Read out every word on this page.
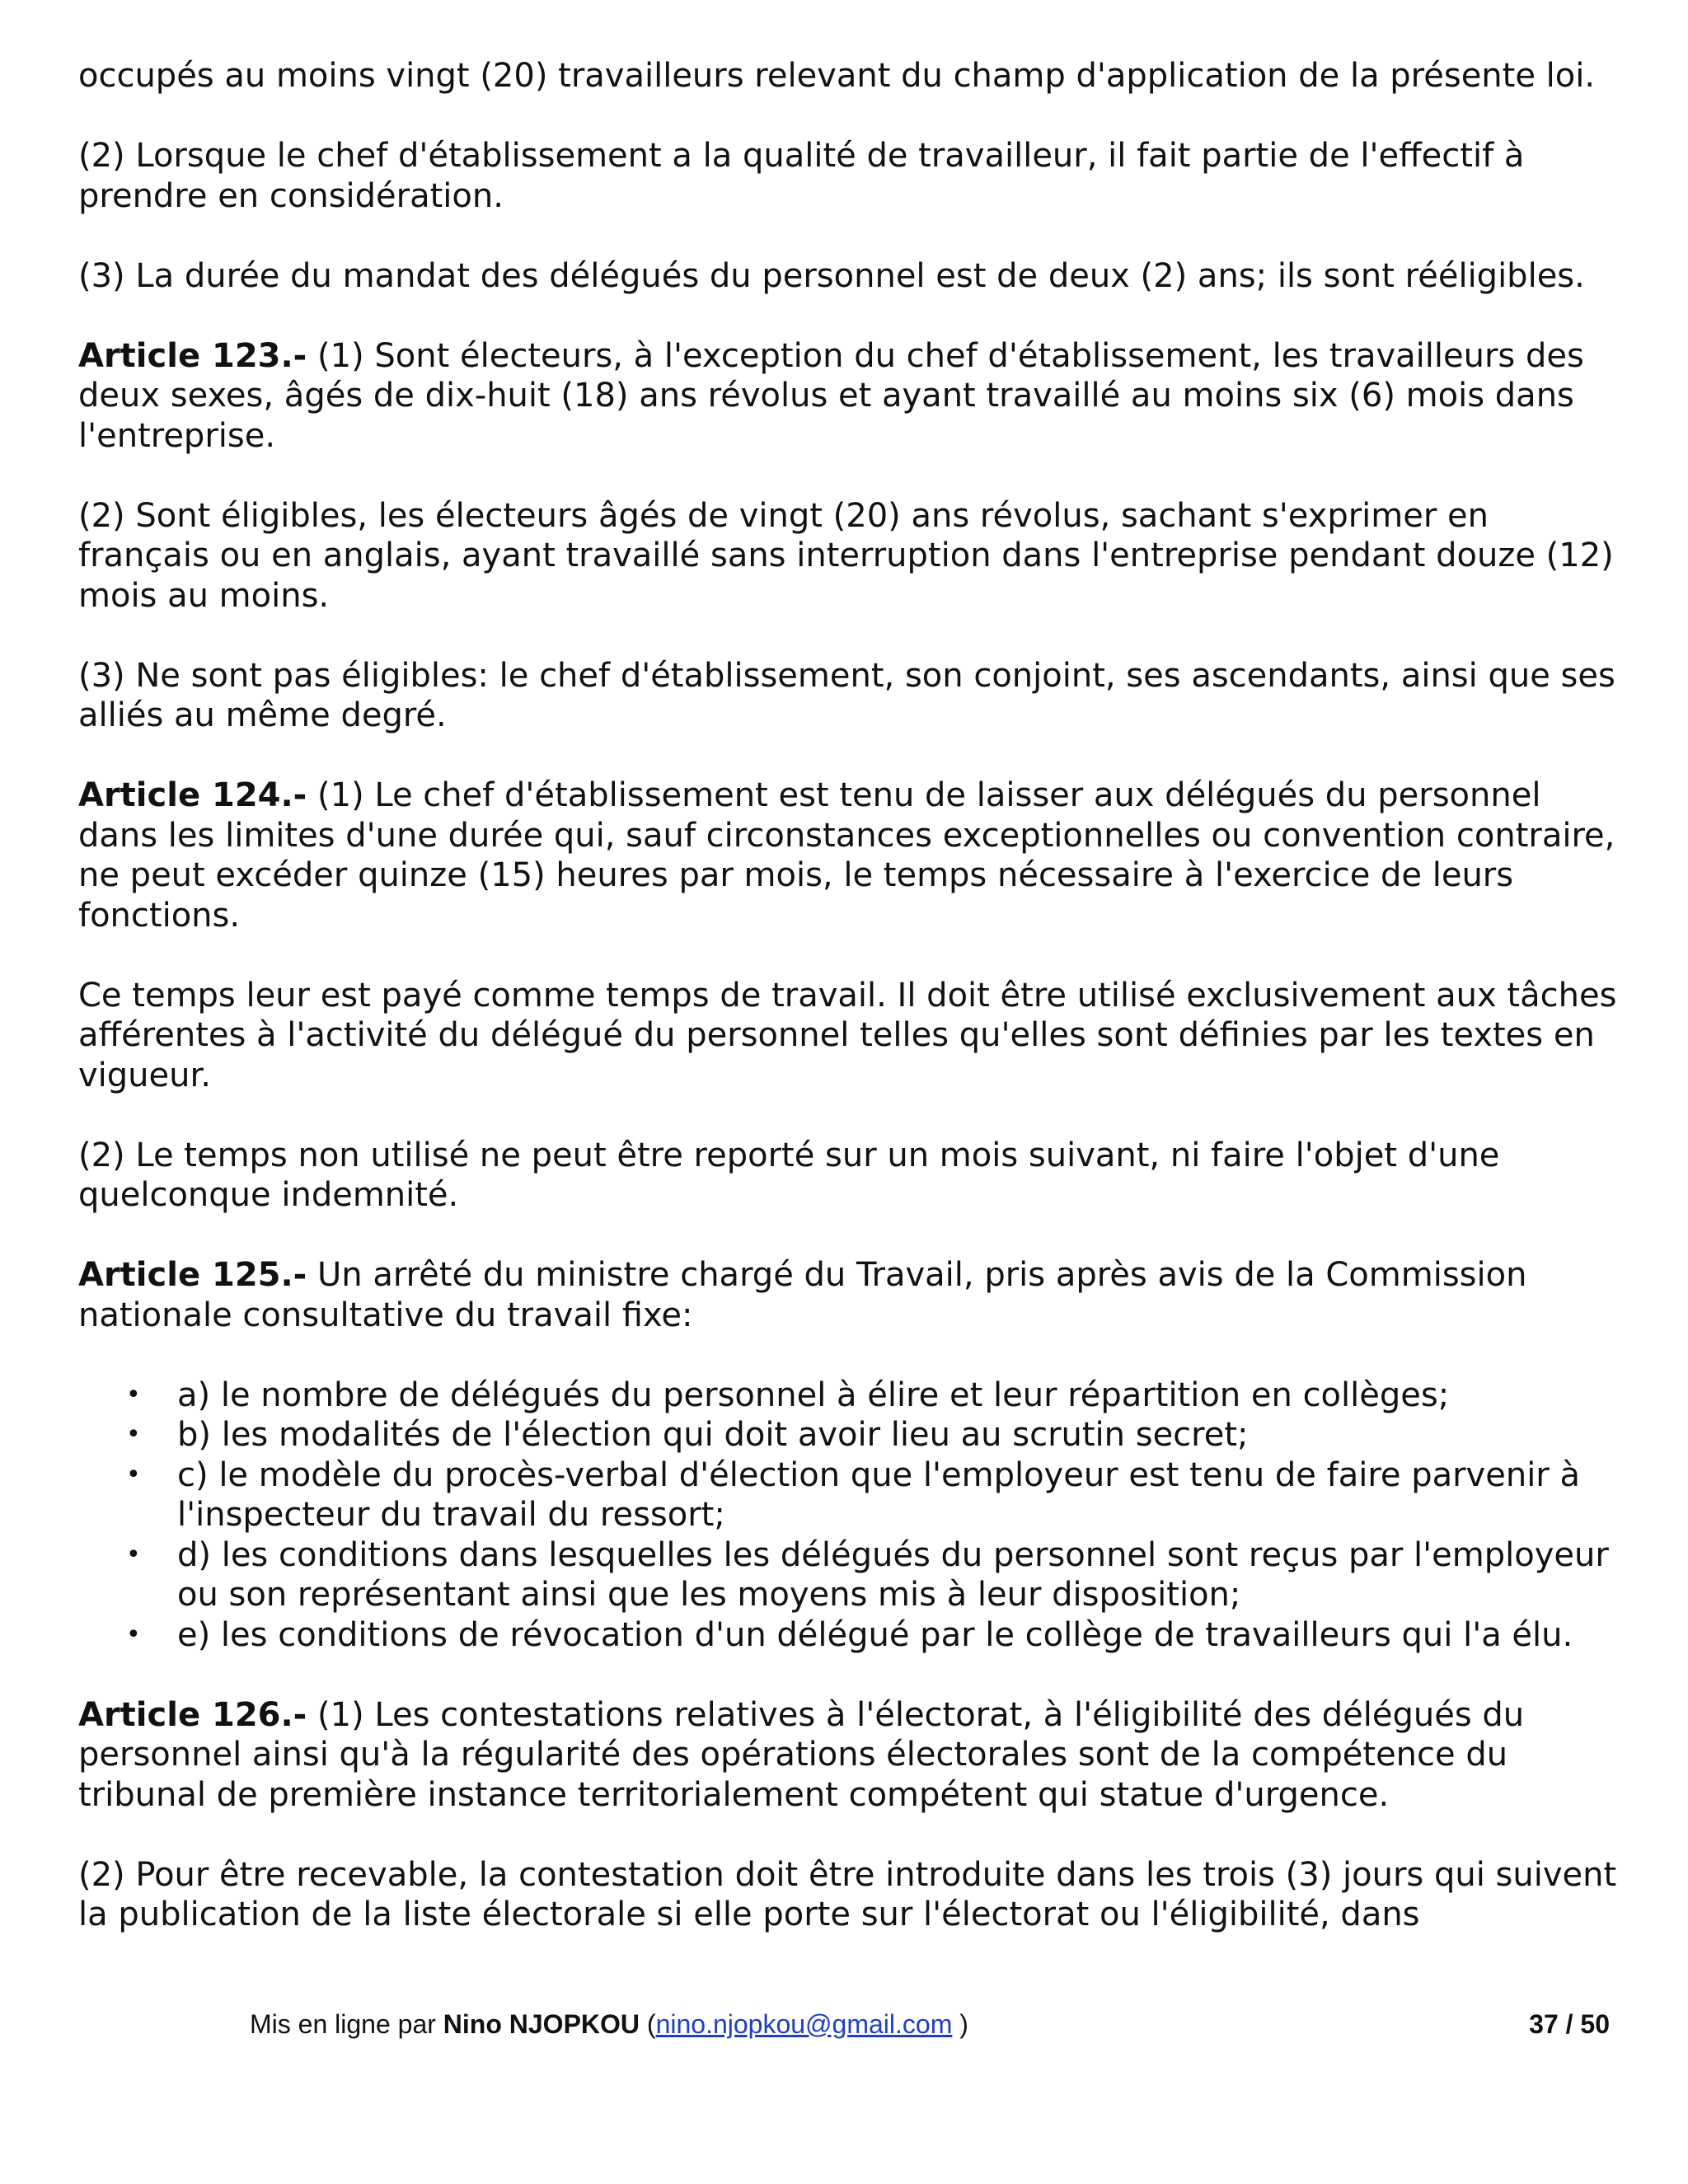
occupés au moins vingt (20) travailleurs relevant du champ d'application de la présente loi.

(2) Lorsque le chef d'établissement a la qualité de travailleur, il fait partie de l'effectif à prendre en considération.

(3) La durée du mandat des délégués du personnel est de deux (2) ans; ils sont rééligibles.

Article 123.- (1) Sont électeurs, à l'exception du chef d'établissement, les travailleurs des deux sexes, âgés de dix-huit (18) ans révolus et ayant travaillé au moins six (6) mois dans l'entreprise.

(2) Sont éligibles, les électeurs âgés de vingt (20) ans révolus, sachant s'exprimer en français ou en anglais, ayant travaillé sans interruption dans l'entreprise pendant douze (12) mois au moins.

(3) Ne sont pas éligibles: le chef d'établissement, son conjoint, ses ascendants, ainsi que ses alliés au même degré.

Article 124.- (1) Le chef d'établissement est tenu de laisser aux délégués du personnel dans les limites d'une durée qui, sauf circonstances exceptionnelles ou convention contraire, ne peut excéder quinze (15) heures par mois, le temps nécessaire à l'exercice de leurs fonctions.

Ce temps leur est payé comme temps de travail. Il doit être utilisé exclusivement aux tâches afférentes à l'activité du délégué du personnel telles qu'elles sont définies par les textes en vigueur.

(2) Le temps non utilisé ne peut être reporté sur un mois suivant, ni faire l'objet d'une quelconque indemnité.

Article 125.- Un arrêté du ministre chargé du Travail, pris après avis de la Commission nationale consultative du travail fixe:

• a) le nombre de délégués du personnel à élire et leur répartition en collèges;
• b) les modalités de l'élection qui doit avoir lieu au scrutin secret;
• c) le modèle du procès-verbal d'élection que l'employeur est tenu de faire parvenir à l'inspecteur du travail du ressort;
• d) les conditions dans lesquelles les délégués du personnel sont reçus par l'employeur ou son représentant ainsi que les moyens mis à leur disposition;
• e) les conditions de révocation d'un délégué par le collège de travailleurs qui l'a élu.

Article 126.- (1) Les contestations relatives à l'électorat, à l'éligibilité des délégués du personnel ainsi qu'à la régularité des opérations électorales sont de la compétence du tribunal de première instance territorialement compétent qui statue d'urgence.

(2) Pour être recevable, la contestation doit être introduite dans les trois (3) jours qui suivent la publication de la liste électorale si elle porte sur l'électorat ou l'éligibilité, dans

Mis en ligne par Nino NJOPKOU (nino.njopkou@gmail.com )	37 / 50
